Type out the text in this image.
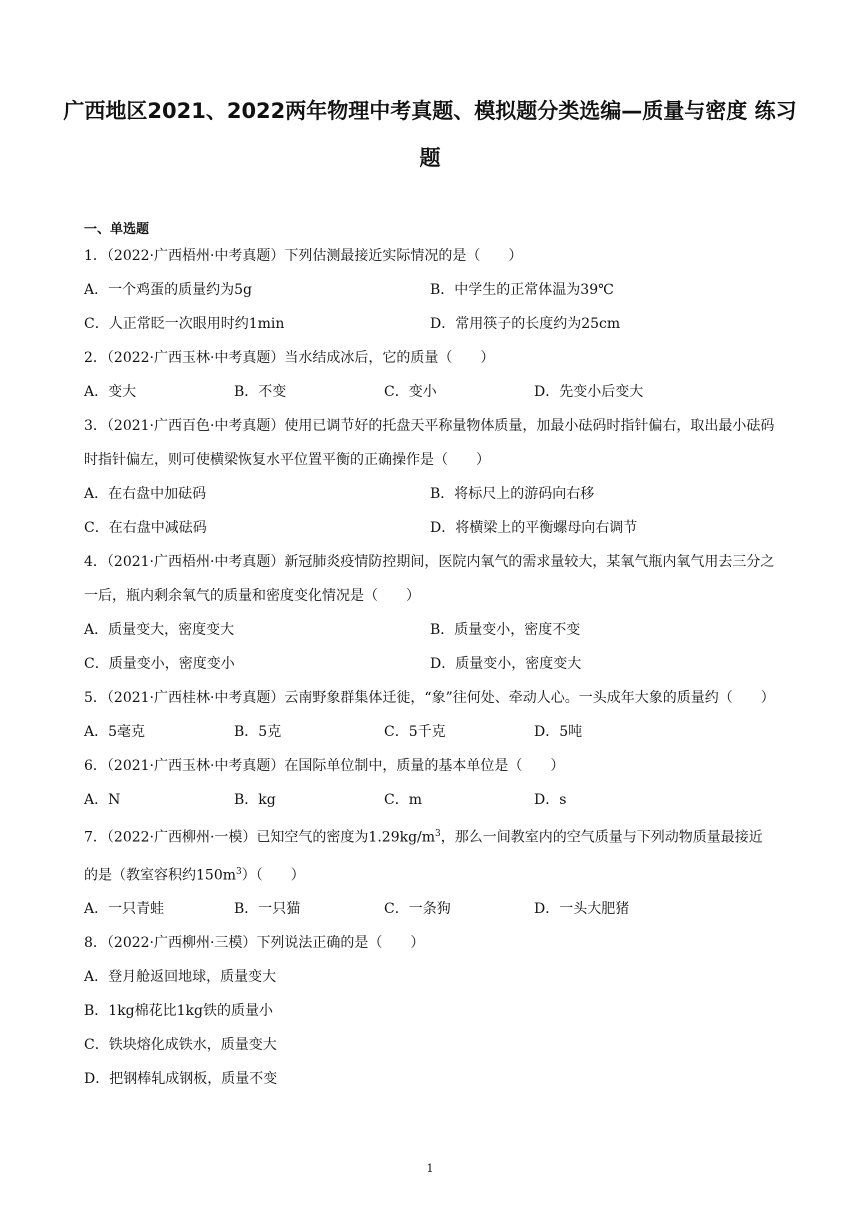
广西地区2021、2022两年物理中考真题、模拟题分类选编—质量与密度 练习题
一、单选题

1．（2022·广西梧州·中考真题）下列估测最接近实际情况的是（　　）

A．一个鸡蛋的质量约为5g	B．中学生的正常体温为39℃
C．人正常眨一次眼用时约1min	D．常用筷子的长度约为25cm

2．（2022·广西玉林·中考真题）当水结成冰后，它的质量（　　）

A．变大	B．不变	C．变小	D．先变小后变大

3．（2021·广西百色·中考真题）使用已调节好的托盘天平称量物体质量，加最小砝码时指针偏右，取出最小砝码时指针偏左，则可使横梁恢复水平位置平衡的正确操作是（　　）

A．在右盘中加砝码	B．将标尺上的游码向右移
C．在右盘中减砝码	D．将横梁上的平衡螺母向右调节

4．（2021·广西梧州·中考真题）新冠肺炎疫情防控期间，医院内氧气的需求量较大，某氧气瓶内氧气用去三分之一后，瓶内剩余氧气的质量和密度变化情况是（　　）

A．质量变大，密度变大	B．质量变小，密度不变
C．质量变小，密度变小	D．质量变小，密度变大

5．（2021·广西桂林·中考真题）云南野象群集体迁徙，“象”往何处、牵动人心。一头成年大象的质量约（　　）

A．5毫克	B．5克	C．5千克	D．5吨

6．（2021·广西玉林·中考真题）在国际单位制中，质量的基本单位是（　　）

A．N	B．kg	C．m	D．s

7．（2022·广西柳州·一模）已知空气的密度为$1.29kg/m^3$，那么一间教室内的空气质量与下列动物质量最接近的是（教室容积约$150m^3$）（　　）

A．一只青蛙	B．一只猫	C．一条狗	D．一头大肥猪

8．（2022·广西柳州·三模）下列说法正确的是（　　）

A．登月舱返回地球，质量变大
B．1kg棉花比1kg铁的质量小
C．铁块熔化成铁水，质量变大
D．把钢棒轧成钢板，质量不变
1
